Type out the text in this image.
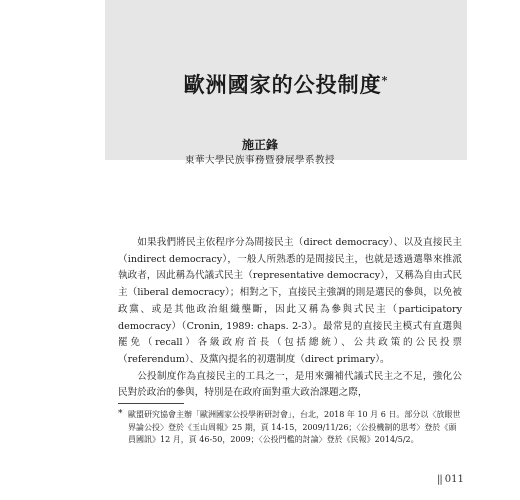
歐洲國家的公投制度*
施正鋒
東華大學民族事務暨發展學系教授

如果我們將民主依程序分為間接民主（direct democracy）、以及直接民主（indirect democracy），一般人所熟悉的是間接民主，也就是透過選舉來推派執政者，因此稱為代議式民主（representative democracy），又稱為自由式民主（liberal democracy）；相對之下，直接民主強調的則是選民的參與，以免被政黨、或是其他政治組織壟斷，因此又稱為參與式民主（participatory democracy）（Cronin, 1989: chaps. 2-3）。最常見的直接民主模式有直選與罷免（recall）各級政府首長（包括總統）、公共政策的公民投票（referendum）、及黨內提名的初選制度（direct primary）。

公投制度作為直接民主的工具之一，是用來彌補代議式民主之不足，強化公民對於政治的參與，特別是在政府面對重大政治課題之際，

* 歐盟研究協會主辦「歐洲國家公投學術研討會」，台北，2018 年 10 月 6 日。部分以〈放眼世界論公投〉登於《玉山周報》25 期，頁 14-15，2009/11/26；〈公投機制的思考〉登於《頭員國訊》12 月，頁 46-50，2009；〈公投門檻的討論〉登於《民報》2014/5/2。
|| 011
